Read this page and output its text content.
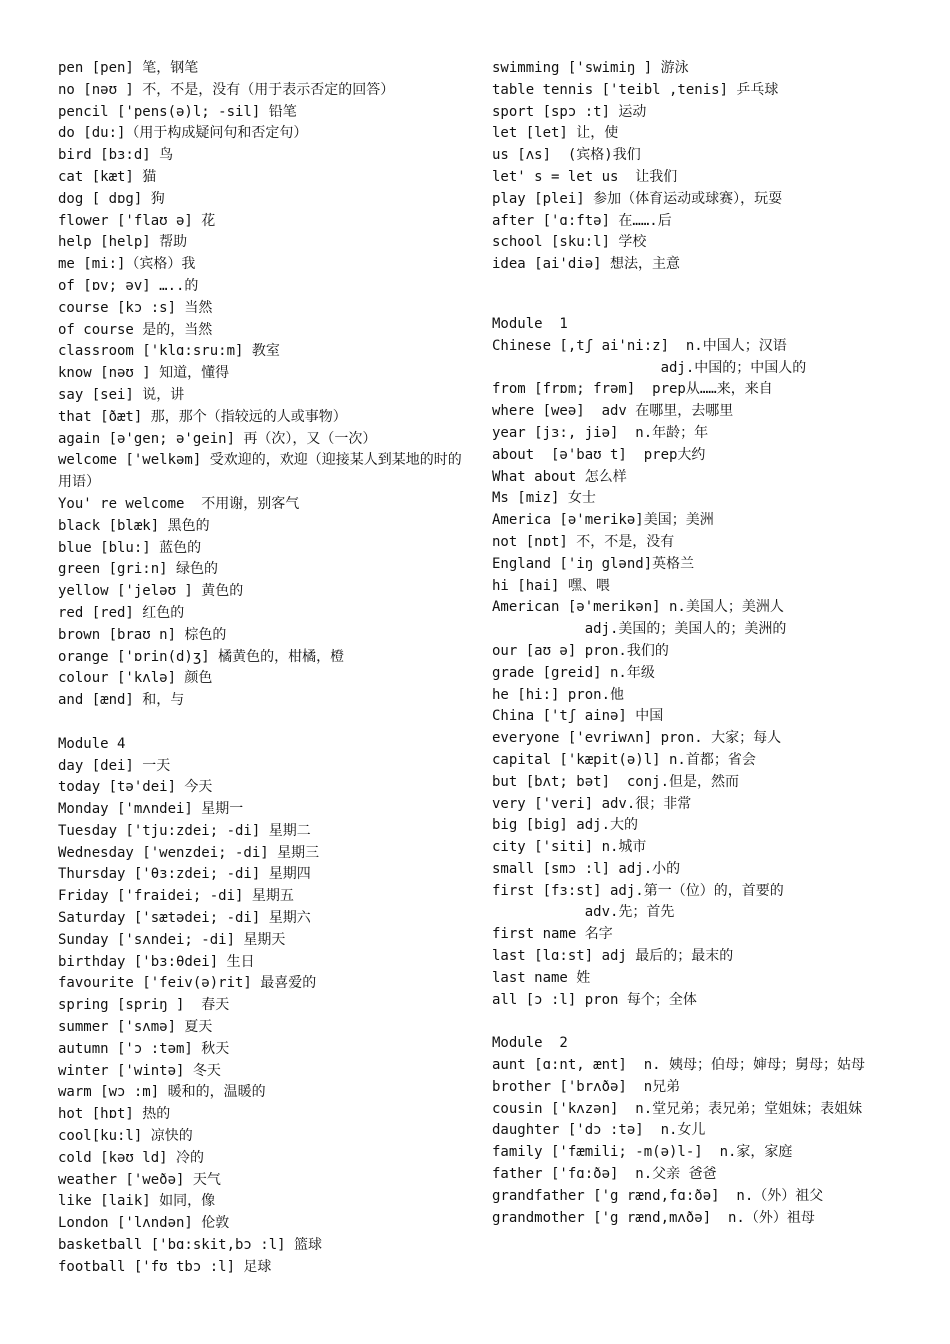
pen [pen] 笔，钢笔
no [nəʊ ] 不，不是，没有（用于表示否定的回答）
pencil ['pens(ə)l; -sil] 铅笔
do [du:]（用于构成疑问句和否定句）
bird [bɜ:d] 鸟
cat [kæt] 猫
dog [ dɒg] 狗
flower ['flaʊ ə] 花
help [help] 帮助
me [mi:]（宾格）我
of [ɒv; əv] …..的
course [kɔ :s] 当然
of course 是的，当然
classroom ['klɑ:sru:m] 教室
know [nəʊ ] 知道，懂得
say [sei] 说，讲
that [ðæt] 那，那个（指较远的人或事物）
again [ə'gen; ə'gein] 再（次），又（一次）
welcome ['welkəm] 受欢迎的，欢迎（迎接某人到某地的时的用语）
You' re welcome  不用谢，别客气
black [blæk] 黑色的
blue [blu:] 蓝色的
green [gri:n] 绿色的
yellow ['jeləʊ ] 黄色的
red [red] 红色的
brown [braʊ n] 棕色的
orange ['ɒrin(d)ʒ] 橘黄色的，柑橘，橙
colour ['kʌlə] 颜色
and [ænd] 和，与
Module 4
day [dei] 一天
today [tə'dei] 今天
Monday ['mʌndei] 星期一
Tuesday ['tju:zdei; -di] 星期二
Wednesday ['wenzdei; -di] 星期三
Thursday ['θɜ:zdei; -di] 星期四
Friday ['fraidei; -di] 星期五
Saturday ['sætədei; -di] 星期六
Sunday ['sʌndei; -di] 星期天
birthday ['bɜ:θdei] 生日
favourite ['feiv(ə)rit] 最喜爱的
spring [spriŋ ]  春天
summer ['sʌmə] 夏天
autumn ['ɔ :təm] 秋天
winter ['wintə] 冬天
warm [wɔ :m] 暖和的，温暖的
hot [hɒt] 热的
cool[ku:l] 凉快的
cold [kəʊ ld] 冷的
weather ['weðə] 天气
like [laik] 如同，像
London ['lʌndən] 伦敦
basketball ['bɑ:skit,bɔ :l] 篮球
football ['fʊ tbɔ :l] 足球
swimming ['swimiŋ ] 游泳
table tennis ['teibl ,tenis] 乒乓球
sport [spɔ :t] 运动
let [let] 让，使
us [ʌs]  (宾格)我们
let' s = let us  让我们
play [plei] 参加（体育运动或球赛），玩耍
after ['ɑ:ftə] 在…….后
school [sku:l] 学校
idea [ai'diə] 想法，主意
Module  1
Chinese [,tʃ ai'ni:z]  n.中国人；汉语
adj.中国的；中国人的
from [frɒm; frəm]  prep从……来，来自
where [weə]  adv 在哪里，去哪里
year [jɜ:, jiə]  n.年龄；年
about  [ə'baʊ t]  prep大约
What about 怎么样
Ms [miz] 女士
America [ə'merikə]美国；美洲
not [nɒt] 不，不是，没有
England ['iŋ glənd]英格兰
hi [hai] 嘿、喂
American [ə'merikən] n.美国人；美洲人
adj.美国的；美国人的；美洲的
our [aʊ ə] pron.我们的
grade [greid] n.年级
he [hi:] pron.他
China ['tʃ ainə] 中国
everyone ['evriwʌn] pron. 大家；每人
capital ['kæpit(ə)l] n.首都；省会
but [bʌt; bət]  conj.但是，然而
very ['veri] adv.很；非常
big [big] adj.大的
city ['siti] n.城市
small [smɔ :l] adj.小的
first [fɜ:st] adj.第一（位）的，首要的
adv.先；首先
first name 名字
last [lɑ:st] adj 最后的；最末的
last name 姓
all [ɔ :l] pron 每个；全体
Module  2
aunt [ɑ:nt, ænt]  n. 姨母；伯母；婶母；舅母；姑母
brother ['brʌðə]  n兄弟
cousin ['kʌzən]  n.堂兄弟；表兄弟；堂姐妹；表姐妹
daughter ['dɔ :tə]  n.女儿
family ['fæmili; -m(ə)l-]  n.家，家庭
father ['fɑ:ðə]  n.父亲 爸爸
grandfather ['g rænd,fɑ:ðə]  n.（外）祖父
grandmother ['g rænd,mʌðə]  n.（外）祖母
